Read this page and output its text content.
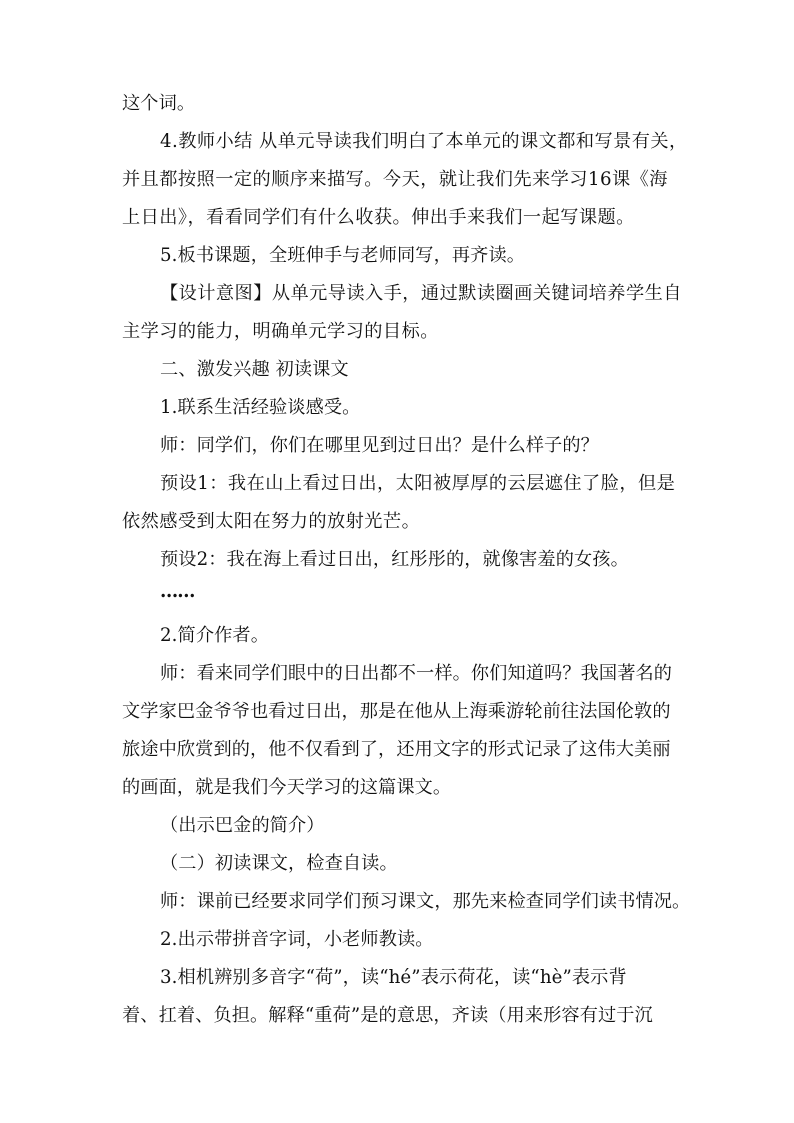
这个词。
4.教师小结 从单元导读我们明白了本单元的课文都和写景有关，
并且都按照一定的顺序来描写。今天，就让我们先来学习16课《海
上日出》，看看同学们有什么收获。伸出手来我们一起写课题。
5.板书课题，全班伸手与老师同写，再齐读。
【设计意图】从单元导读入手，通过默读圈画关键词培养学生自
主学习的能力，明确单元学习的目标。
二、激发兴趣 初读课文
1.联系生活经验谈感受。
师：同学们，你们在哪里见到过日出？是什么样子的？
预设1：我在山上看过日出，太阳被厚厚的云层遮住了脸，但是
依然感受到太阳在努力的放射光芒。
预设2：我在海上看过日出，红彤彤的，就像害羞的女孩。
……
2.简介作者。
师：看来同学们眼中的日出都不一样。你们知道吗？我国著名的
文学家巴金爷爷也看过日出，那是在他从上海乘游轮前往法国伦敦的
旅途中欣赏到的，他不仅看到了，还用文字的形式记录了这伟大美丽
的画面，就是我们今天学习的这篇课文。
（出示巴金的简介）
（二）初读课文，检查自读。
师：课前已经要求同学们预习课文，那先来检查同学们读书情况。
2.出示带拼音字词，小老师教读。
3.相机辨别多音字“荷”，读“hé”表示荷花，读“hè”表示背
着、扛着、负担。解释“重荷”是的意思，齐读（用来形容有过于沉
